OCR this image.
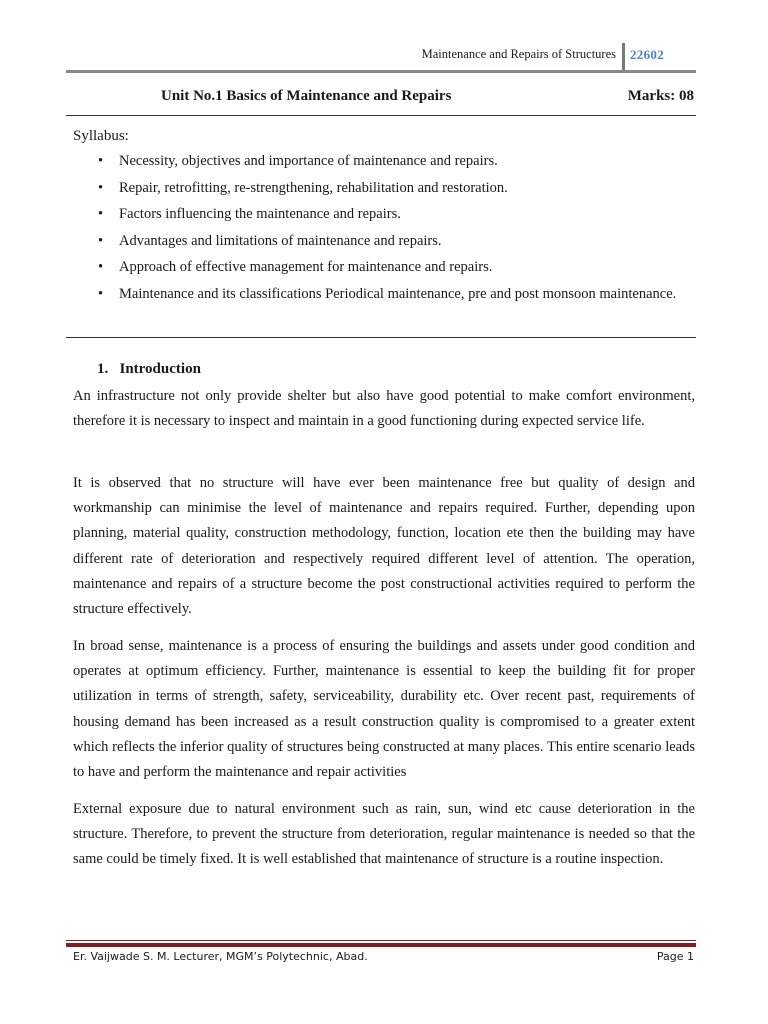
Maintenance and Repairs of Structures 22602
Unit No.1 Basics of Maintenance and Repairs	Marks: 08
Syllabus:
• Necessity, objectives and importance of maintenance and repairs.
• Repair, retrofitting, re-strengthening, rehabilitation and restoration.
• Factors influencing the maintenance and repairs.
• Advantages and limitations of maintenance and repairs.
• Approach of effective management for maintenance and repairs.
• Maintenance and its classifications Periodical maintenance, pre and post monsoon maintenance.
1.   Introduction

An infrastructure not only provide shelter but also have good potential to make comfort environment, therefore it is necessary to inspect and maintain in a good functioning during expected service life.

It is observed that no structure will have ever been maintenance free but quality of design and workmanship can minimise the level of maintenance and repairs required. Further, depending upon planning, material quality, construction methodology, function, location ete then the building may have different rate of deterioration and respectively required different level of attention. The operation, maintenance and repairs of a structure become the post constructional activities required to perform the structure effectively.

In broad sense, maintenance is a process of ensuring the buildings and assets under good condition and operates at optimum efficiency. Further, maintenance is essential to keep the building fit for proper utilization in terms of strength, safety, serviceability, durability etc. Over recent past, requirements of housing demand has been increased as a result construction quality is compromised to a greater extent which reflects the inferior quality of structures being constructed at many places. This entire scenario leads to have and perform the maintenance and repair activities

External exposure due to natural environment such as rain, sun, wind etc cause deterioration in the structure. Therefore, to prevent the structure from deterioration, regular maintenance is needed so that the same could be timely fixed. It is well established that maintenance of structure is a routine inspection.

Er. Vaijwade S. M. Lecturer, MGM’s Polytechnic, Abad.	Page 1
